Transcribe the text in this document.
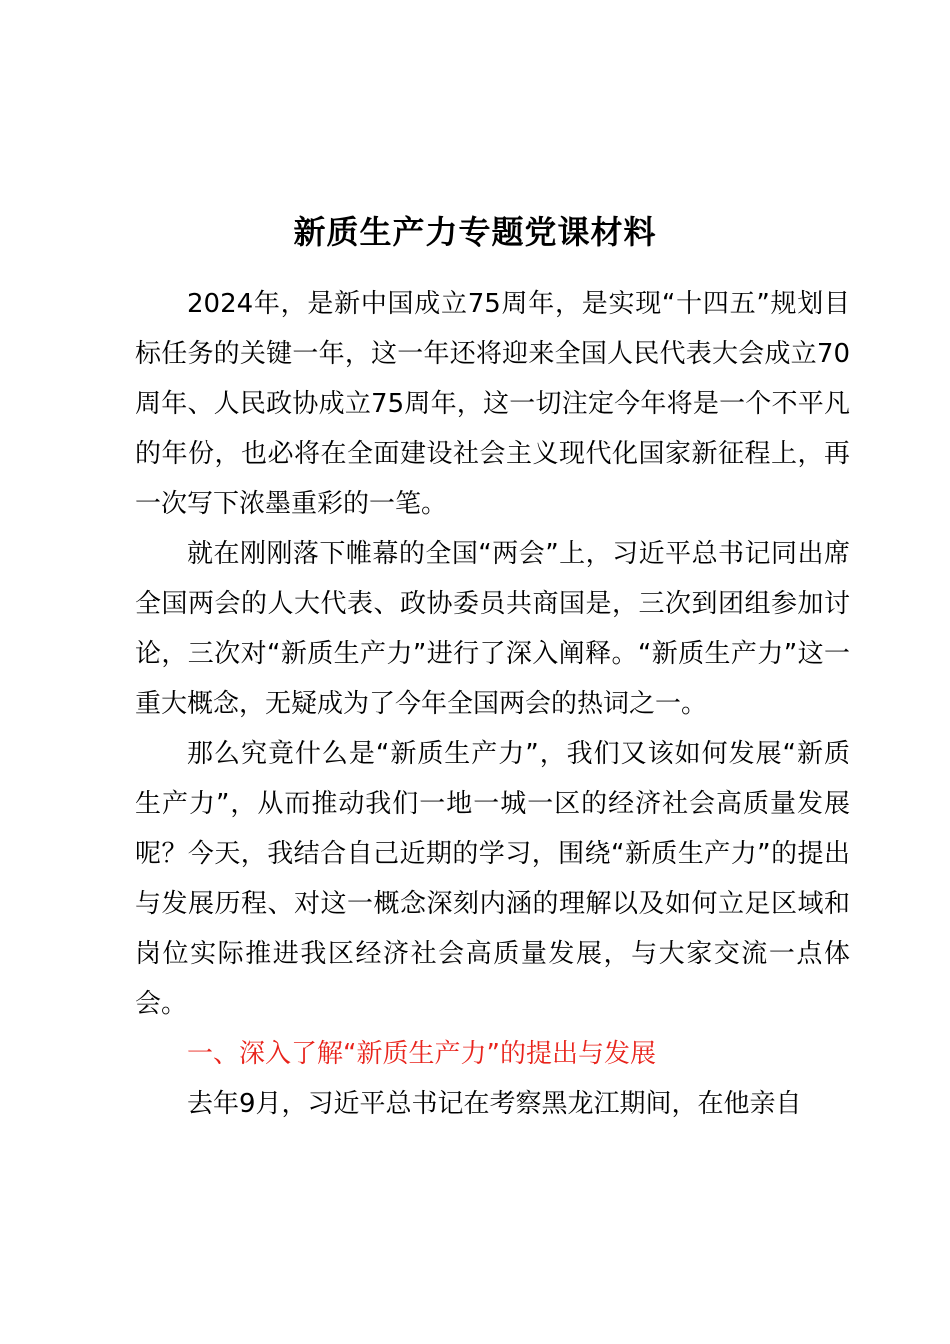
新质生产力专题党课材料

2024年，是新中国成立75周年，是实现“十四五”规划目标任务的关键一年，这一年还将迎来全国人民代表大会成立70周年、人民政协成立75周年，这一切注定今年将是一个不平凡的年份，也必将在全面建设社会主义现代化国家新征程上，再一次写下浓墨重彩的一笔。

就在刚刚落下帷幕的全国“两会”上，习近平总书记同出席全国两会的人大代表、政协委员共商国是，三次到团组参加讨论，三次对“新质生产力”进行了深入阐释。“新质生产力”这一重大概念，无疑成为了今年全国两会的热词之一。

那么究竟什么是“新质生产力”，我们又该如何发展“新质生产力”，从而推动我们一地一城一区的经济社会高质量发展呢？今天，我结合自己近期的学习，围绕“新质生产力”的提出与发展历程、对这一概念深刻内涵的理解以及如何立足区域和岗位实际推进我区经济社会高质量发展，与大家交流一点体会。

一、深入了解“新质生产力”的提出与发展

去年9月，习近平总书记在考察黑龙江期间，在他亲自
